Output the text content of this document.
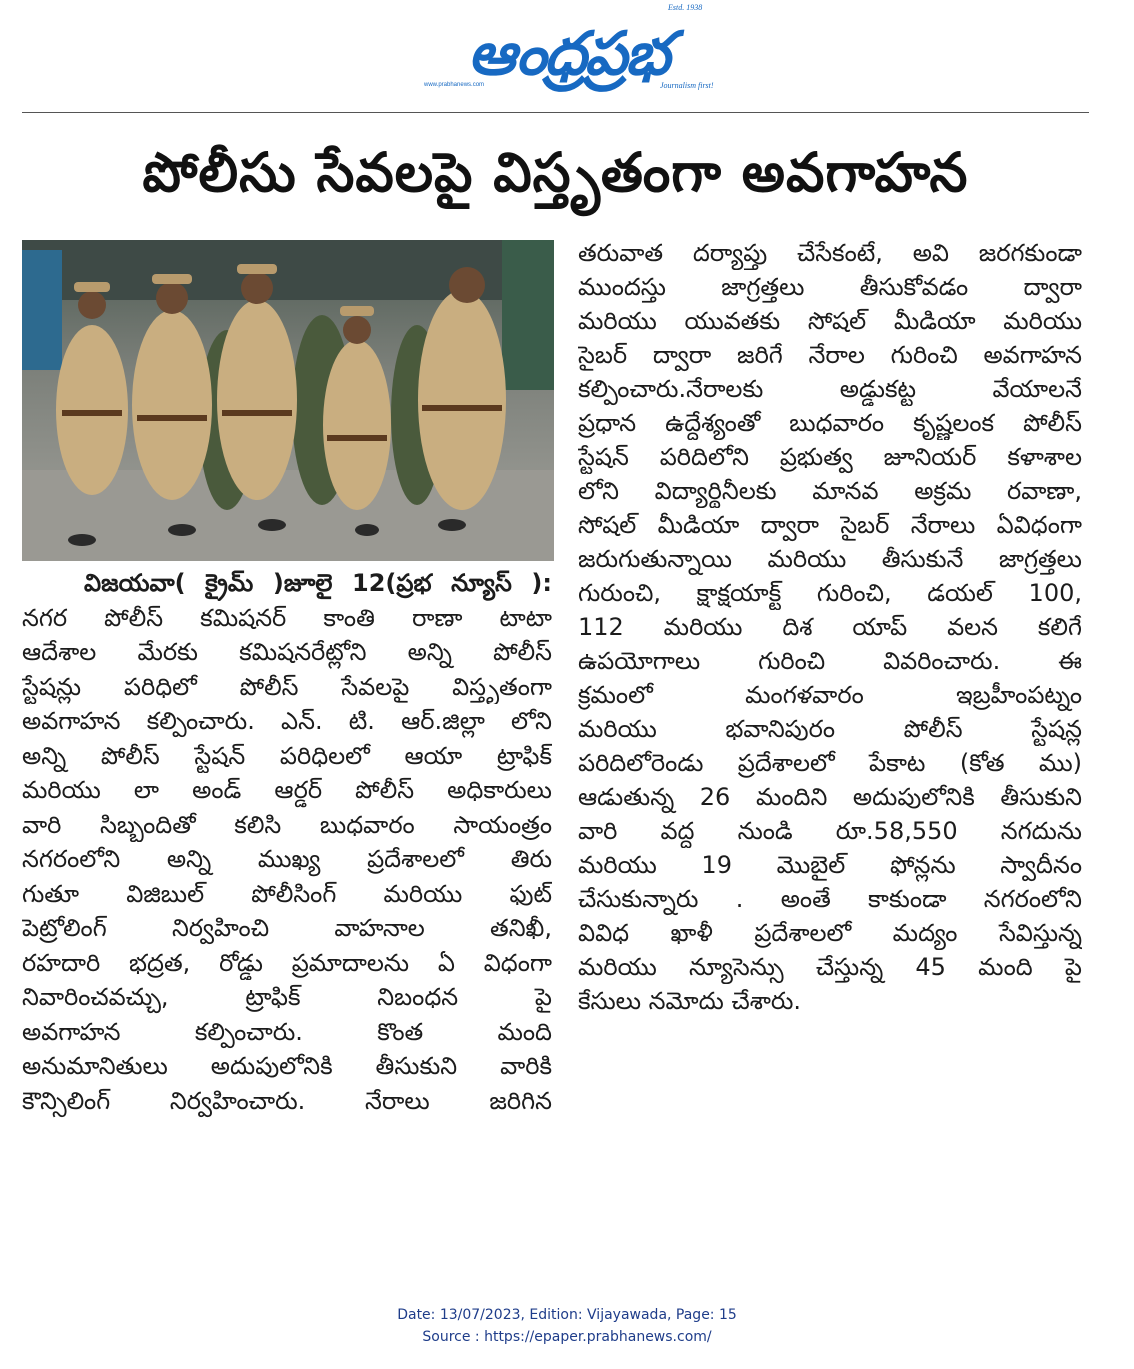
ఆంధ్రప్రభ
Estd. 1938
www.prabhanews.com	Journalism first!
పోలీసు సేవలపై విస్తృతంగా అవగాహన
విజయవా( క్రైమ్ )జూలై 12(ప్రభ న్యూస్ ):
నగర పోలీస్ కమిషనర్ కాంతి రాణా టాటా
ఆదేశాల మేరకు కమిషనరేట్లోని అన్ని పోలీస్
స్టేషన్లు పరిధిలో పోలీస్ సేవలపై విస్తృతంగా
అవగాహన కల్పించారు. ఎన్. టి. ఆర్.జిల్లా లోని
అన్ని పోలీస్ స్టేషన్ పరిధిలలో ఆయా ట్రాఫిక్
మరియు లా అండ్ ఆర్డర్ పోలీస్ అధికారులు
వారి సిబ్బందితో కలిసి బుధవారం సాయంత్రం
నగరంలోని అన్ని ముఖ్య ప్రదేశాలలో తిరు
గుతూ విజిబుల్ పోలీసింగ్ మరియు ఫుట్
పెట్రోలింగ్ నిర్వహించి వాహనాల తనిఖీ,
రహదారి భద్రత, రోడ్డు ప్రమాదాలను ఏ విధంగా
నివారించవచ్చు, ట్రాఫిక్ నిబంధన పై
అవగాహన కల్పించారు. కొంత మంది
అనుమానితులు అదుపులోనికి తీసుకుని వారికి
కౌన్సిలింగ్ నిర్వహించారు. నేరాలు జరిగిన
తరువాత దర్యాప్తు చేసేకంటే, అవి జరగకుండా
ముందస్తు జాగ్రత్తలు తీసుకోవడం ద్వారా
మరియు యువతకు సోషల్ మీడియా మరియు
సైబర్ ద్వారా జరిగే నేరాల గురించి అవగాహన
కల్పించారు.నేరాలకు అడ్డుకట్ట వేయాలనే
ప్రధాన ఉద్దేశ్యంతో బుధవారం కృష్ణలంక పోలీస్
స్టేషన్ పరిదిలోని ప్రభుత్వ జూనియర్ కళాశాల
లోని విద్యార్థినీలకు మానవ అక్రమ రవాణా,
సోషల్ మీడియా ద్వారా సైబర్ నేరాలు ఏవిధంగా
జరుగుతున్నాయి మరియు తీసుకునే జాగ్రత్తలు
గురుంచి, క్షాక్షయాక్ట్ గురించి, డయల్ 100,
112 మరియు దిశ యాప్ వలన కలిగే
ఉపయోగాలు గురించి వివరించారు. ఈ
క్రమంలో మంగళవారం ఇబ్రహీంపట్నం
మరియు భవానిపురం పోలీస్ స్టేషన్ల
పరిదిలోరెండు ప్రదేశాలలో పేకాట (కోత ము)
ఆడుతున్న 26 మందిని అదుపులోనికి తీసుకుని
వారి వద్ద నుండి రూ.58,550 నగదును
మరియు 19 మొబైల్ ఫోన్లను స్వాదీనం
చేసుకున్నారు . అంతే కాకుండా నగరంలోని
వివిధ ఖాళీ ప్రదేశాలలో మద్యం సేవిస్తున్న
మరియు న్యూసెన్సు చేస్తున్న 45 మంది పై
కేసులు నమోదు చేశారు.
Date: 13/07/2023, Edition: Vijayawada, Page: 15
Source : https://epaper.prabhanews.com/
